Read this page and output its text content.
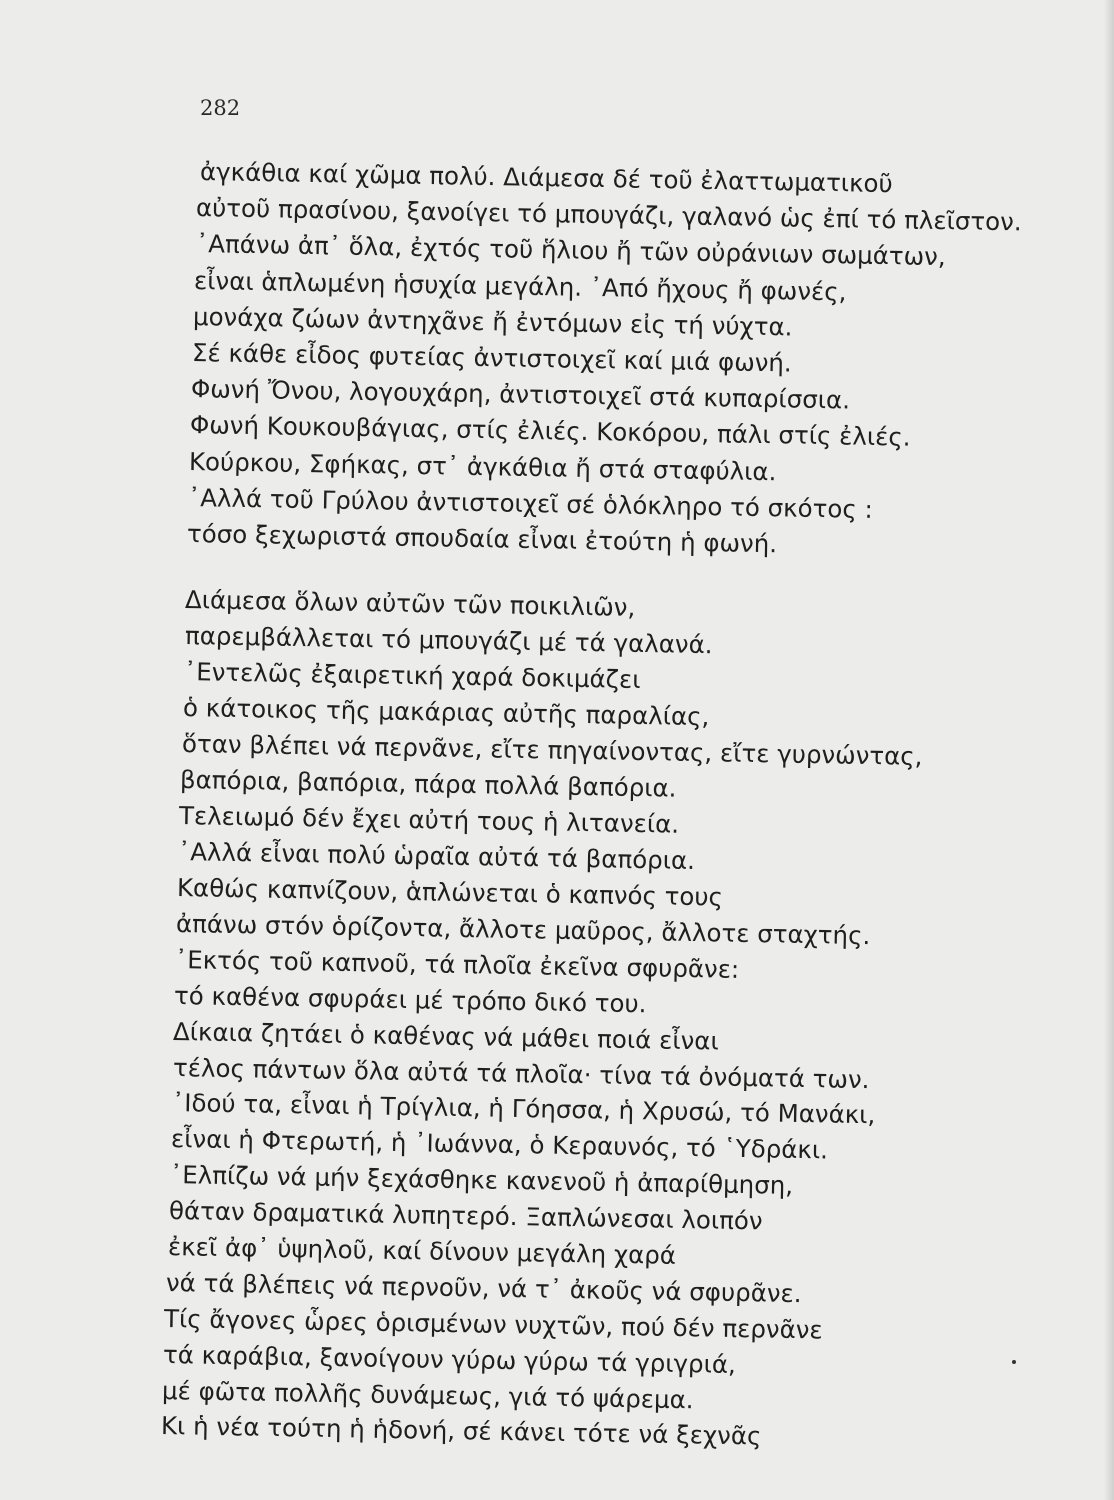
282
ἀγκάθια καί χῶμα πολύ. Διάμεσα δέ τοῦ ἐλαττωματικοῦ
αὐτοῦ πρασίνου, ξανοίγει τό μπουγάζι, γαλανό ὡς ἐπί τό πλεῖστον.
᾿Απάνω ἀπ᾿ ὅλα, ἐχτός τοῦ ἥλιου ἤ τῶν οὐράνιων σωμάτων,
εἶναι ἁπλωμένη ἡσυχία μεγάλη. ᾿Από ἤχους ἤ φωνές,
μονάχα ζώων ἀντηχᾶνε ἤ ἐντόμων εἰς τή νύχτα.
Σέ κάθε εἶδος φυτείας ἀντιστοιχεῖ καί μιά φωνή.
Φωνή Ὄνου, λογουχάρη, ἀντιστοιχεῖ στά κυπαρίσσια.
Φωνή Κουκουβάγιας, στίς ἐλιές. Κοκόρου, πάλι στίς ἐλιές.
Κούρκου, Σφήκας, στ᾿ ἀγκάθια ἤ στά σταφύλια.
᾿Αλλά τοῦ Γρύλου ἀντιστοιχεῖ σέ ὁλόκληρο τό σκότος :
τόσο ξεχωριστά σπουδαία εἶναι ἐτούτη ἡ φωνή.
Διάμεσα ὅλων αὐτῶν τῶν ποικιλιῶν,
παρεμβάλλεται τό μπουγάζι μέ τά γαλανά.
᾿Εντελῶς ἐξαιρετική χαρά δοκιμάζει
ὁ κάτοικος τῆς μακάριας αὐτῆς παραλίας,
ὅταν βλέπει νά περνᾶνε, εἴτε πηγαίνοντας, εἴτε γυρνώντας,
βαπόρια, βαπόρια, πάρα πολλά βαπόρια.
Τελειωμό δέν ἔχει αὐτή τους ἡ λιτανεία.
᾿Αλλά εἶναι πολύ ὡραῖα αὐτά τά βαπόρια.
Καθώς καπνίζουν, ἁπλώνεται ὁ καπνός τους
ἀπάνω στόν ὁρίζοντα, ἄλλοτε μαῦρος, ἄλλοτε σταχτής.
᾿Εκτός τοῦ καπνοῦ, τά πλοῖα ἐκεῖνα σφυρᾶνε:
τό καθένα σφυράει μέ τρόπο δικό του.
Δίκαια ζητάει ὁ καθένας νά μάθει ποιά εἶναι
τέλος πάντων ὅλα αὐτά τά πλοῖα· τίνα τά ὀνόματά των.
᾿Ιδού τα, εἶναι ἡ Τρίγλια, ἡ Γόησσα, ἡ Χρυσώ, τό Μανάκι,
εἶναι ἡ Φτερωτή, ἡ ᾿Ιωάννα, ὁ Κεραυνός, τό ῾Υδράκι.
᾿Ελπίζω νά μήν ξεχάσθηκε κανενοῦ ἡ ἀπαρίθμηση,
θάταν δραματικά λυπητερό. Ξαπλώνεσαι λοιπόν
ἐκεῖ ἀφ᾿ ὑψηλοῦ, καί δίνουν μεγάλη χαρά
νά τά βλέπεις νά περνοῦν, νά τ᾿ ἀκοῦς νά σφυρᾶνε.
Τίς ἄγονες ὧρες ὁρισμένων νυχτῶν, πού δέν περνᾶνε
τά καράβια, ξανοίγουν γύρω γύρω τά γριγριά,
μέ φῶτα πολλῆς δυνάμεως, γιά τό ψάρεμα.
Κι ἡ νέα τούτη ἡ ἡδονή, σέ κάνει τότε νά ξεχνᾶς
